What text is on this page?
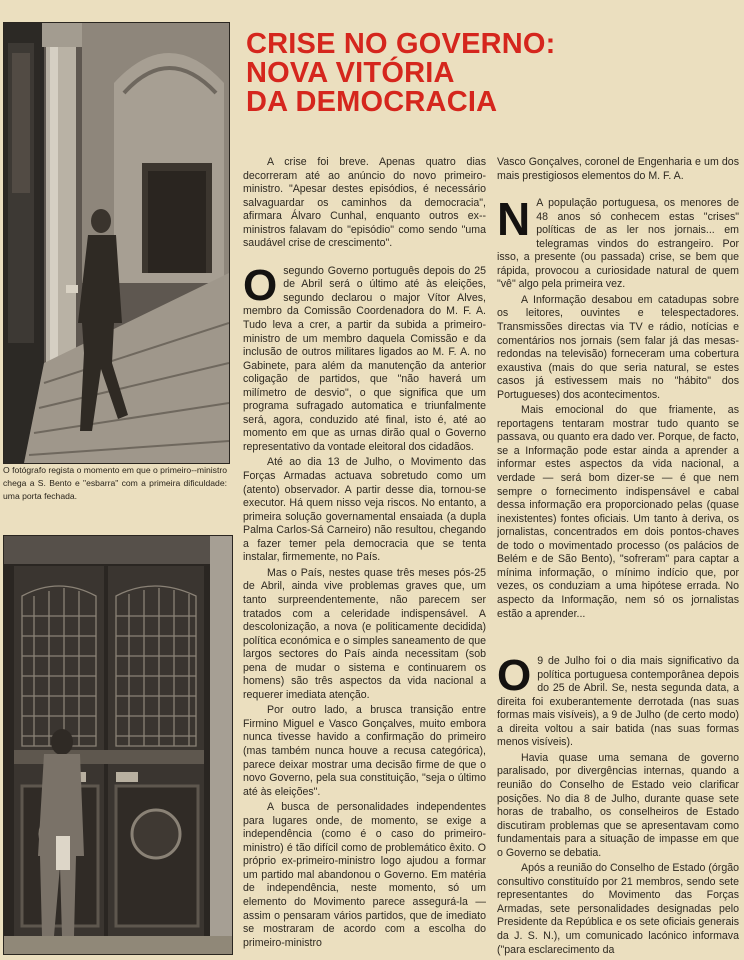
O fotógrafo regista o momento em que o primeiro--ministro chega a S. Bento e "esbarra" com a primeira dificuldade: uma porta fechada.
CRISE NO GOVERNO:
NOVA VITÓRIA
DA DEMOCRACIA

A crise foi breve. Apenas quatro dias decorreram até ao anúncio do novo primeiro-ministro. "Apesar destes episódios, é necessário salvaguardar os caminhos da democracia", afirmara Álvaro Cunhal, enquanto outros ex--ministros falavam do "episódio" como sendo "uma saudável crise de crescimento".

Osegundo Governo português depois do 25 de Abril será o último até às eleições, segundo declarou o major Vítor Alves, membro da Comissão Coordenadora do M. F. A. Tudo leva a crer, a partir da subida a primeiro-ministro de um membro daquela Comissão e da inclusão de outros militares ligados ao M. F. A. no Gabinete, para além da manutenção da anterior coligação de partidos, que "não haverá um milímetro de desvio", o que significa que um programa sufragado automatica e triunfalmente será, agora, conduzido até final, isto é, até ao momento em que as urnas dirão qual o Governo representativo da vontade eleitoral dos cidadãos.

Até ao dia 13 de Julho, o Movimento das Forças Armadas actuava sobretudo como um (atento) observador. A partir desse dia, tornou-se executor. Há quem nisso veja riscos. No entanto, a primeira solução governamental ensaiada (a dupla Palma Carlos-Sá Carneiro) não resultou, chegando a fazer temer pela democracia que se tenta instalar, firmemente, no País.

Mas o País, nestes quase três meses pós-25 de Abril, ainda vive problemas graves que, um tanto surpreendentemente, não parecem ser tratados com a celeridade indispensável. A descolonização, a nova (e politicamente decidida) política económica e o simples saneamento de que largos sectores do País ainda necessitam (sob pena de mudar o sistema e continuarem os homens) são três aspectos da vida nacional a requerer imediata atenção.

Por outro lado, a brusca transição entre Firmino Miguel e Vasco Gonçalves, muito embora nunca tivesse havido a confirmação do primeiro (mas também nunca houve a recusa categórica), parece deixar mostrar uma decisão firme de que o novo Governo, pela sua constituição, "seja o último até às eleições".

A busca de personalidades independentes para lugares onde, de momento, se exige a independência (como é o caso do primeiro-ministro) é tão difícil como de problemático êxito. O próprio ex-primeiro-ministro logo ajudou a formar um partido mal abandonou o Governo. Em matéria de independência, neste momento, só um elemento do Movimento parece assegurá-la — assim o pensaram vários partidos, que de imediato se mostraram de acordo com a escolha do primeiro-ministro

Vasco Gonçalves, coronel de Engenharia e um dos mais prestigiosos elementos do M. F. A.

N A população portuguesa, os menores de 48 anos só conhecem estas "crises" políticas de as ler nos jornais... em telegramas vindos do estrangeiro. Por isso, a presente (ou passada) crise, se bem que rápida, provocou a curiosidade natural de quem "vê" algo pela primeira vez.

A Informação desabou em catadupas sobre os leitores, ouvintes e telespectadores. Transmissões directas via TV e rádio, notícias e comentários nos jornais (sem falar já das mesas-redondas na televisão) forneceram uma cobertura exaustiva (mais do que seria natural, se estes casos já estivessem mais no "hábito" dos Portugueses) dos acontecimentos.

Mais emocional do que friamente, as reportagens tentaram mostrar tudo quanto se passava, ou quanto era dado ver. Porque, de facto, se a Informação pode estar ainda a aprender a informar estes aspectos da vida nacional, a verdade — será bom dizer-se — é que nem sempre o fornecimento indispensável e cabal dessa informação era proporcionado pelas (quase inexistentes) fontes oficiais. Um tanto à deriva, os jornalistas, concentrados em dois pontos-chaves de todo o movimentado processo (os palácios de Belém e de São Bento), "sofreram" para captar a mínima informação, o mínimo indício que, por vezes, os conduziam a uma hipótese errada. No aspecto da Informação, nem só os jornalistas estão a aprender...

O 9 de Julho foi o dia mais significativo da política portuguesa contemporânea depois do 25 de Abril. Se, nesta segunda data, a direita foi exuberantemente derrotada (nas suas formas mais visíveis), a 9 de Julho (de certo modo) a direita voltou a sair batida (nas suas formas menos visíveis).

Havia quase uma semana de governo paralisado, por divergências internas, quando a reunião do Conselho de Estado veio clarificar posições. No dia 8 de Julho, durante quase sete horas de trabalho, os conselheiros de Estado discutiram problemas que se apresentavam como fundamentais para a situação de impasse em que o Governo se debatia.

Após a reunião do Conselho de Estado (órgão consultivo constituído por 21 membros, sendo sete representantes do Movimento das Forças Armadas, sete personalidades designadas pelo Presidente da República e os sete oficiais generais da J. S. N.), um comunicado lacónico informava ("para esclarecimento da
